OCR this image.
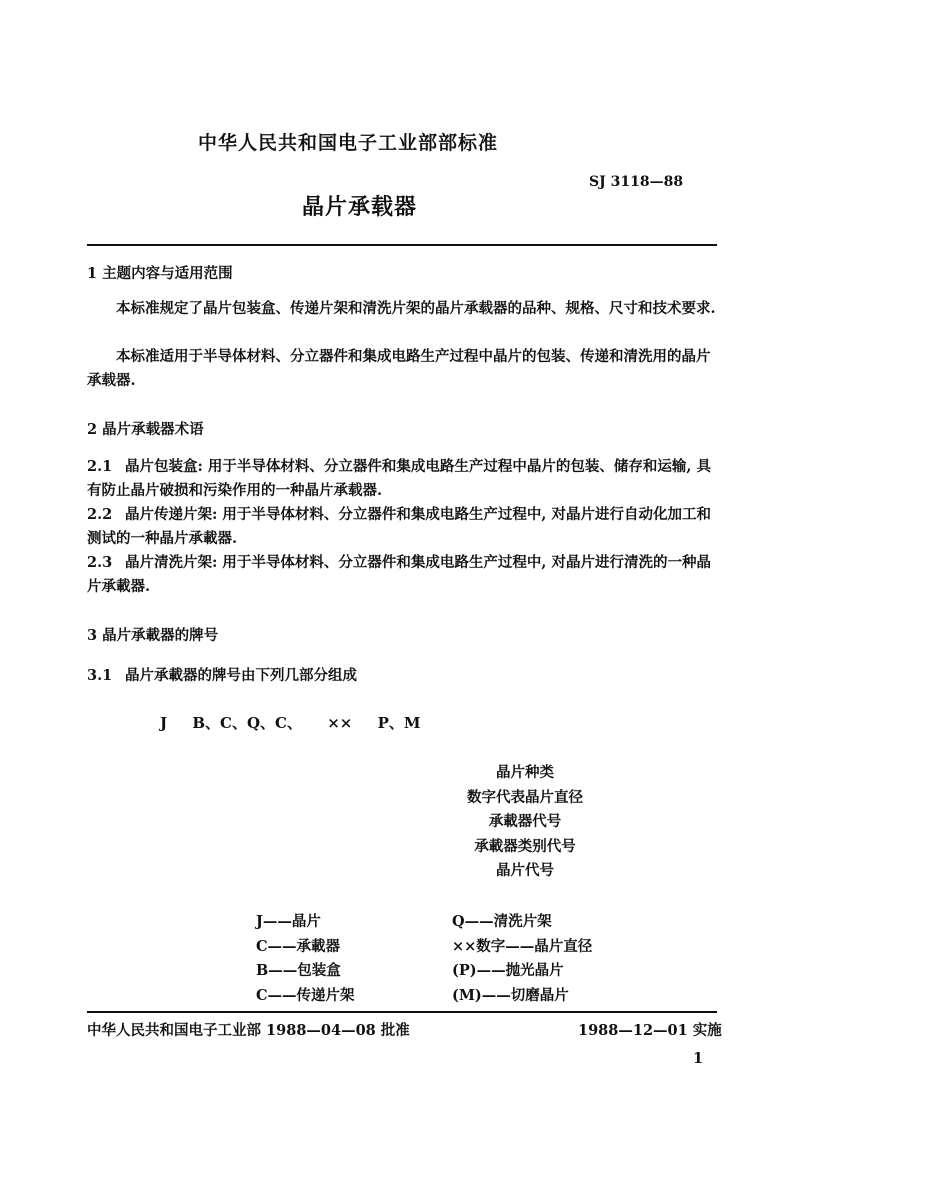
中华人民共和国电子工业部部标准
晶片承载器
SJ 3118—88
1 主题内容与适用范围
本标准规定了晶片包装盒、传递片架和清洗片架的晶片承载器的品种、规格、尺寸和技术要求.
本标准适用于半导体材料、分立器件和集成电路生产过程中晶片的包装、传递和清洗用的晶片承载器.
2 晶片承载器术语
2.1 晶片包装盒: 用于半导体材料、分立器件和集成电路生产过程中晶片的包装、储存和运输, 具有防止晶片破损和污染作用的一种晶片承载器.
2.2 晶片传递片架: 用于半导体材料、分立器件和集成电路生产过程中, 对晶片进行自动化加工和测试的一种晶片承載器.
2.3 晶片清洗片架: 用于半导体材料、分立器件和集成电路生产过程中, 对晶片进行清洗的一种晶片承載器.
3 晶片承載器的牌号
3.1 晶片承載器的牌号由下列几部分组成
J B、C、Q、C、 ×× P、M
晶片种类
数字代表晶片直径
承載器代号
承載器类别代号
晶片代号
J——晶片
C——承載器
B——包装盒
C——传递片架
Q——清洗片架
××数字——晶片直径
(P)——抛光晶片
(M)——切磨晶片
中华人民共和国电子工业部 1988—04—08 批准	1988—12—01 实施
1
